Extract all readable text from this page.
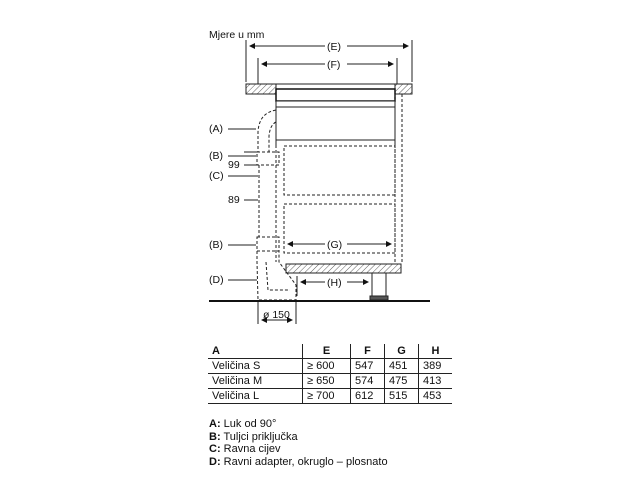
Mjere u mm
(E)
(F)
(G)
(H)
(A)
(B)
99
(C)
89
(B)
(D)
ø 150
A	E	F	G	H
Veličina S	≥ 600	547	451	389
Veličina M	≥ 650	574	475	413
Veličina L	≥ 700	612	515	453
A: Luk od 90°
B: Tuljci priključka
C: Ravna cijev
D: Ravni adapter, okruglo – plosnato
